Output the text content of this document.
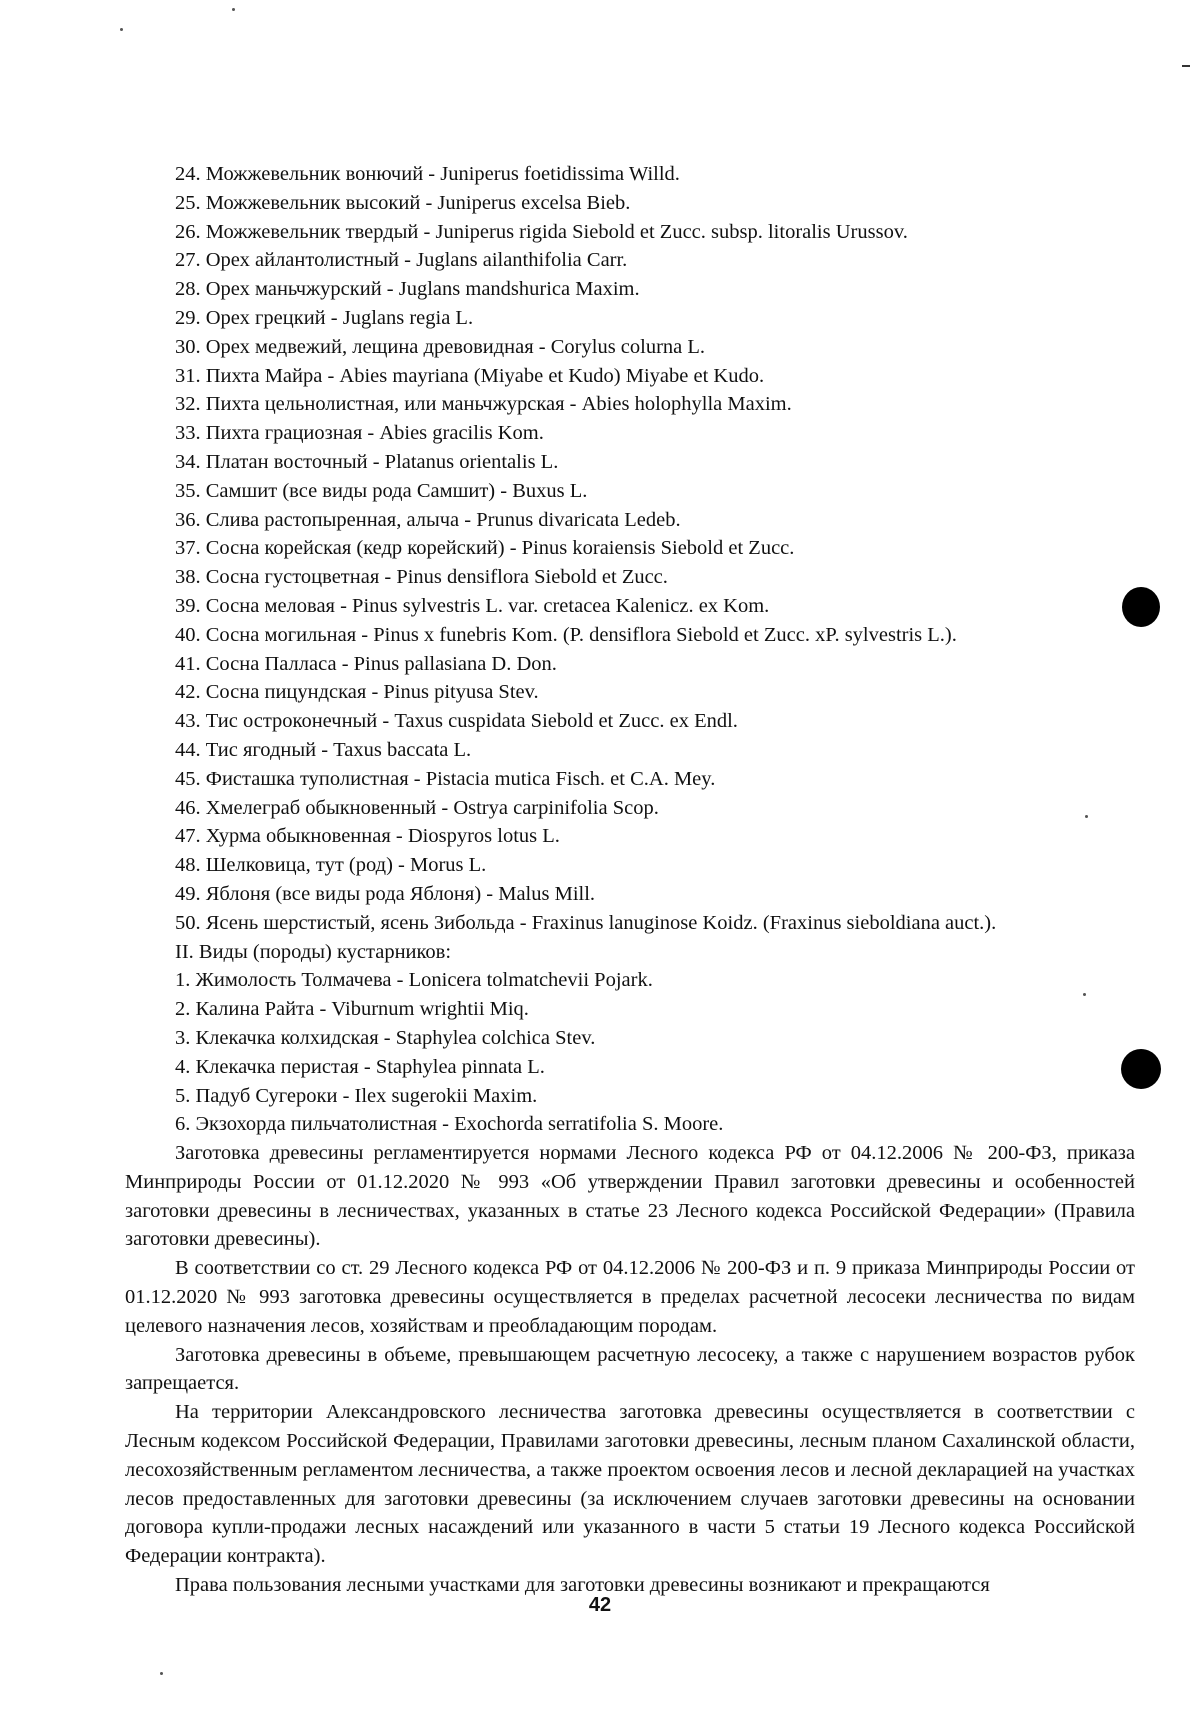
24. Можжевельник вонючий - Juniperus foetidissima Willd.
25. Можжевельник высокий - Juniperus excelsa Bieb.
26. Можжевельник твердый - Juniperus rigida Siebold et Zucc. subsp. litoralis Urussov.
27. Орех айлантолистный - Juglans ailanthifolia Carr.
28. Орех маньчжурский - Juglans mandshurica Maxim.
29. Орех грецкий - Juglans regia L.
30. Орех медвежий, лещина древовидная - Corylus colurna L.
31. Пихта Майра - Abies mayriana (Miyabe et Kudo) Miyabe et Kudo.
32. Пихта цельнолистная, или маньчжурская - Abies holophylla Maxim.
33. Пихта грациозная - Abies gracilis Kom.
34. Платан восточный - Platanus orientalis L.
35. Самшит (все виды рода Самшит) - Buxus L.
36. Слива растопыренная, алыча - Prunus divaricata Ledeb.
37. Сосна корейская (кедр корейский) - Pinus koraiensis Siebold et Zucc.
38. Сосна густоцветная - Pinus densiflora Siebold et Zucc.
39. Сосна меловая - Pinus sylvestris L. var. cretacea Kalenicz. ex Kom.
40. Сосна могильная - Pinus x funebris Kom. (P. densiflora Siebold et Zucc. xP. sylvestris L.).
41. Сосна Палласа - Pinus pallasiana D. Don.
42. Сосна пицундская - Pinus pityusa Stev.
43. Тис остроконечный - Taxus cuspidata Siebold et Zucc. ex Endl.
44. Тис ягодный - Taxus baccata L.
45. Фисташка туполистная - Pistacia mutica Fisch. et C.A. Mey.
46. Хмелеграб обыкновенный - Ostrya carpinifolia Scop.
47. Хурма обыкновенная - Diospyros lotus L.
48. Шелковица, тут (род) - Morus L.
49. Яблоня (все виды рода Яблоня) - Malus Mill.
50. Ясень шерстистый, ясень Зибольда - Fraxinus lanuginose Koidz. (Fraxinus sieboldiana auct.).
II. Виды (породы) кустарников:
1. Жимолость Толмачева - Lonicera tolmatchevii Pojark.
2. Калина Райта - Viburnum wrightii Miq.
3. Клекачка колхидская - Staphylea colchica Stev.
4. Клекачка перистая - Staphylea pinnata L.
5. Падуб Сугероки - Ilex sugerokii Maxim.
6. Экзохорда пильчатолистная - Exochorda serratifolia S. Moore.

Заготовка древесины регламентируется нормами Лесного кодекса РФ от 04.12.2006 № 200-ФЗ, приказа Минприроды России от 01.12.2020 № 993 «Об утверждении Правил заготовки древесины и особенностей заготовки древесины в лесничествах, указанных в статье 23 Лесного кодекса Российской Федерации» (Правила заготовки древесины).

В соответствии со ст. 29 Лесного кодекса РФ от 04.12.2006 № 200-ФЗ и п. 9 приказа Минприроды России от 01.12.2020 № 993 заготовка древесины осуществляется в пределах расчетной лесосеки лесничества по видам целевого назначения лесов, хозяйствам и преобладающим породам.

Заготовка древесины в объеме, превышающем расчетную лесосеку, а также с нарушением возрастов рубок запрещается.

На территории Александровского лесничества заготовка древесины осуществляется в соответствии с Лесным кодексом Российской Федерации, Правилами заготовки древесины, лесным планом Сахалинской области, лесохозяйственным регламентом лесничества, а также проектом освоения лесов и лесной декларацией на участках лесов предоставленных для заготовки древесины (за исключением случаев заготовки древесины на основании договора купли-продажи лесных насаждений или указанного в части 5 статьи 19 Лесного кодекса Российской Федерации контракта).

Права пользования лесными участками для заготовки древесины возникают и прекращаются

42
